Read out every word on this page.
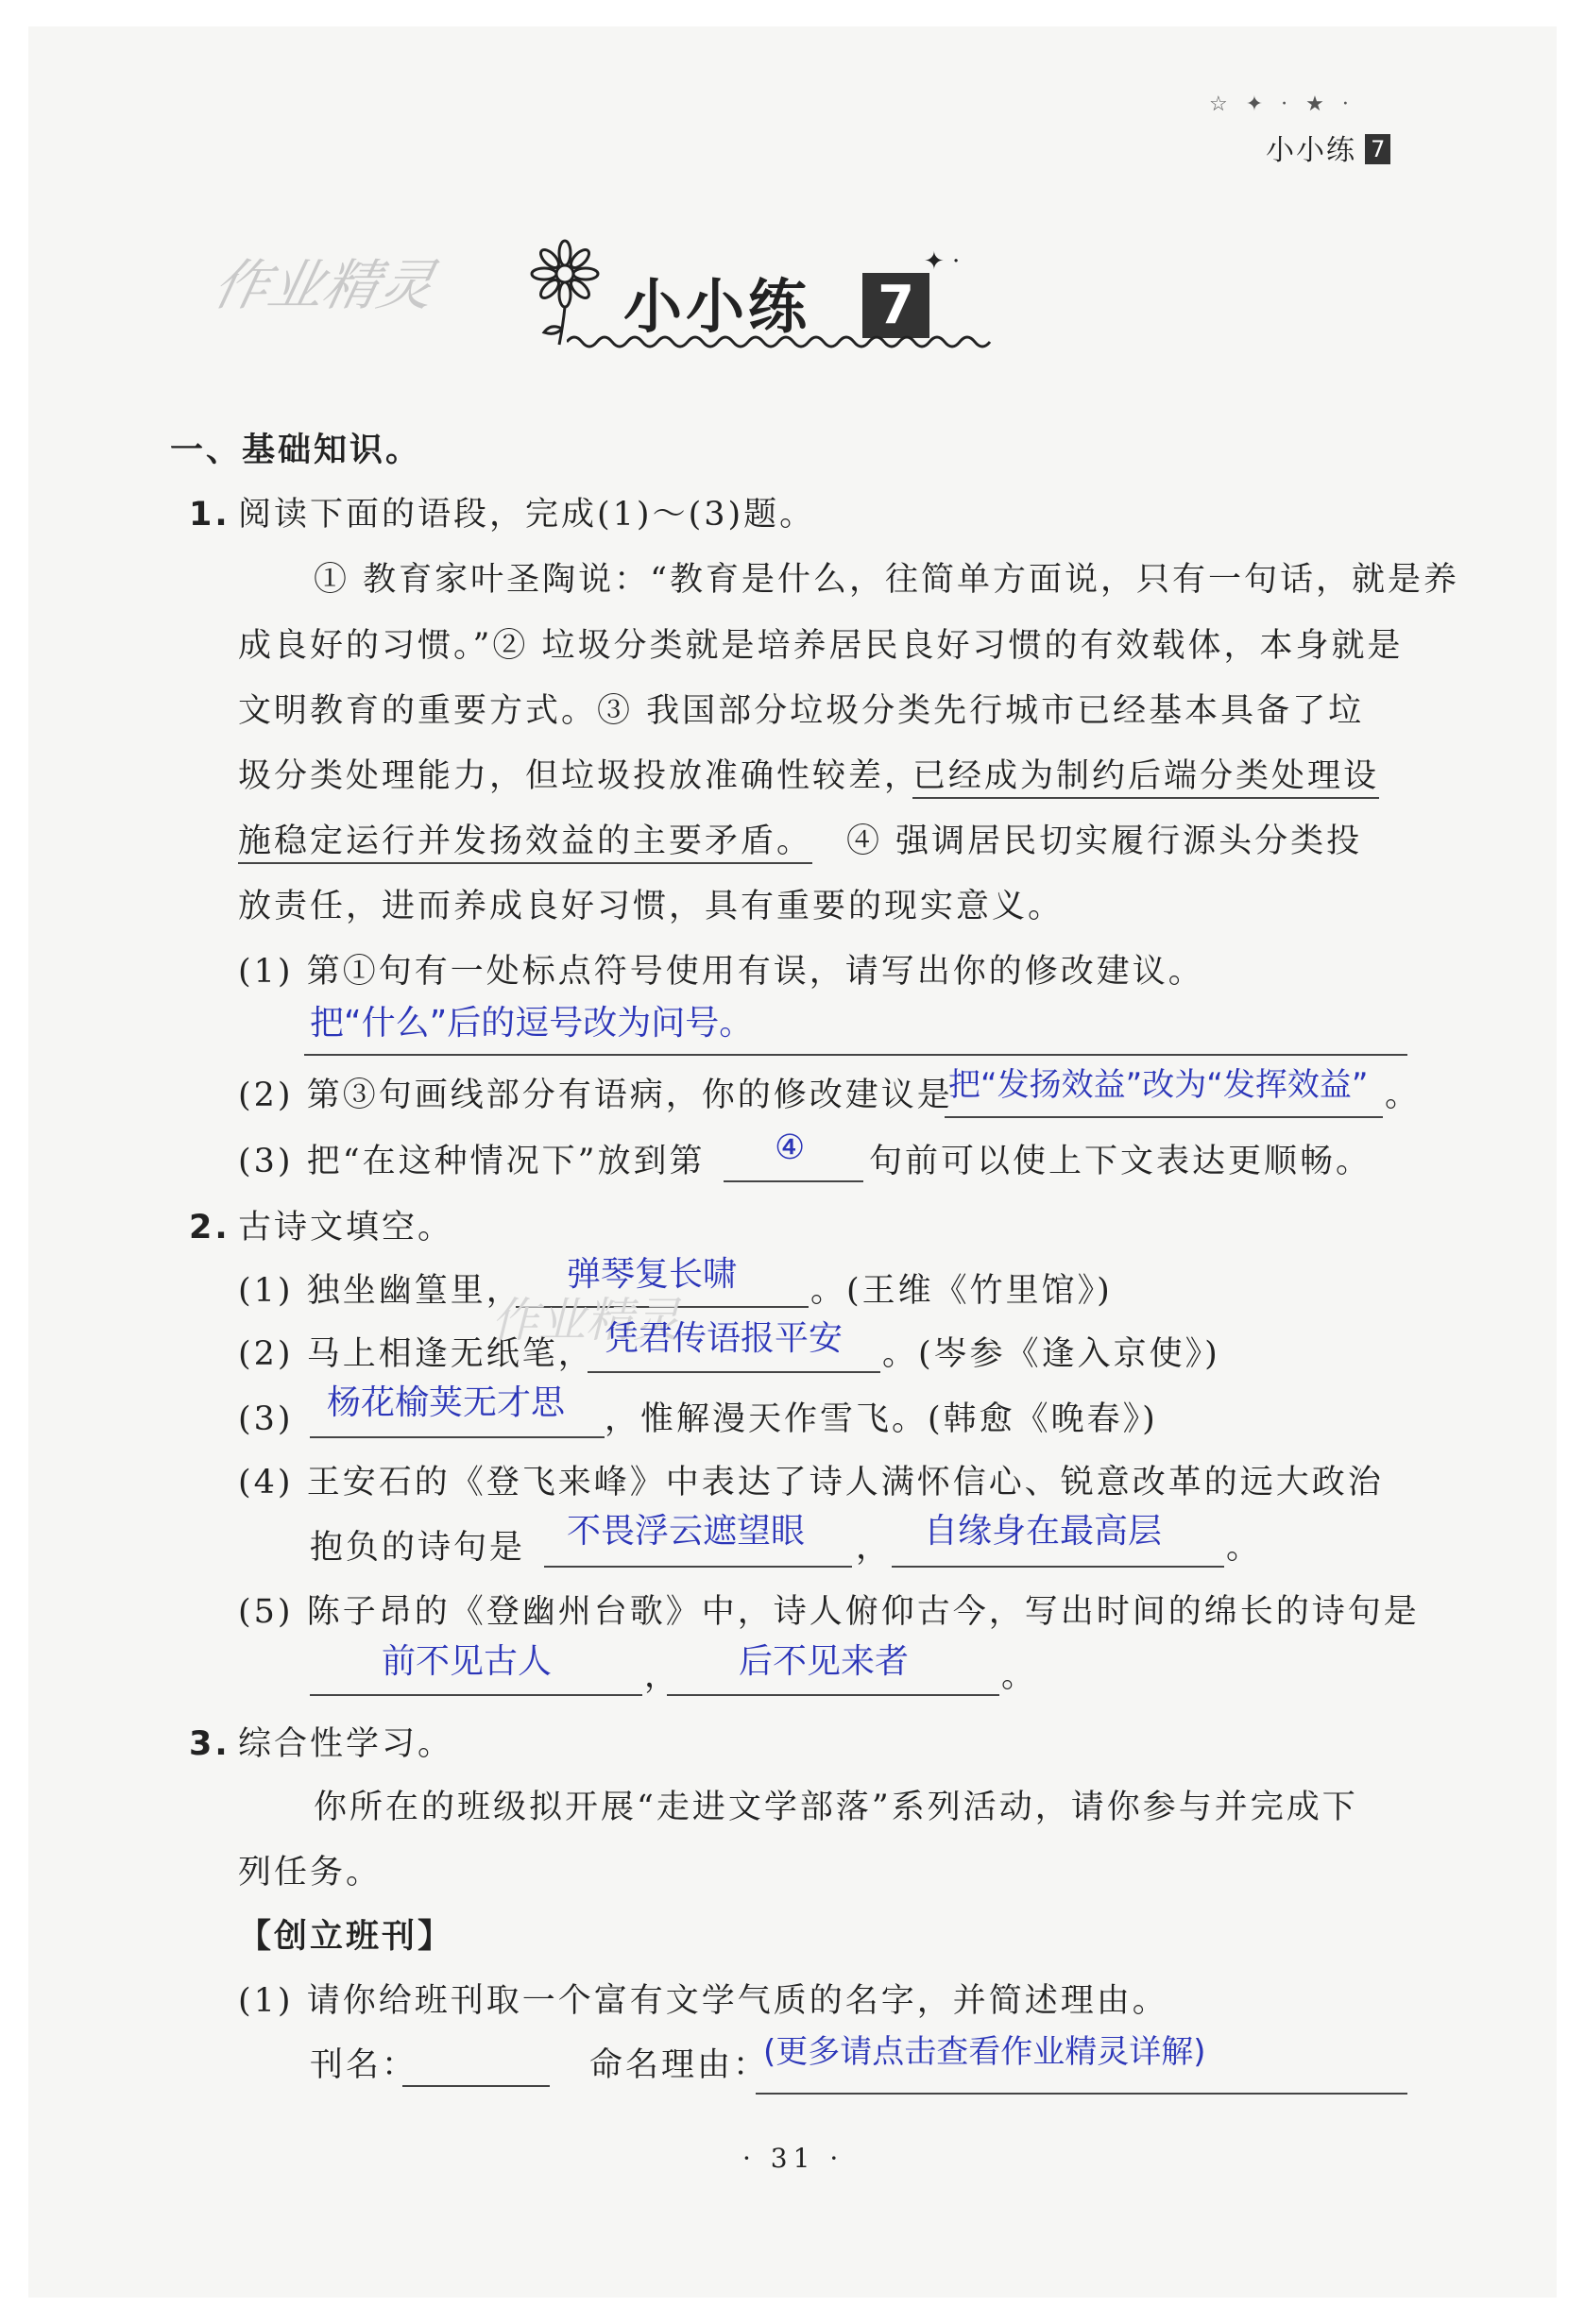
☆ ✦ · ★ ·
小小练 7
作业精灵	小小练 7
✦ ·
一、基础知识。
1. 阅读下面的语段，完成(1)～(3)题。
① 教育家叶圣陶说：“教育是什么，往简单方面说，只有一句话，就是养
成良好的习惯。”② 垃圾分类就是培养居民良好习惯的有效载体，本身就是
文明教育的重要方式。③ 我国部分垃圾分类先行城市已经基本具备了垃
圾分类处理能力，但垃圾投放准确性较差，
已经成为制约后端分类处理设
施稳定运行并发扬效益的主要矛盾。 ④ 强调居民切实履行源头分类投
放责任，进而养成良好习惯，具有重要的现实意义。
(1) 第①句有一处标点符号使用有误，请写出你的修改建议。
把“什么”后的逗号改为问号。
(2) 第③句画线部分有语病，你的修改建议是
把“发扬效益”改为“发挥效益” 。
(3) 把“在这种情况下”放到第 ④ 句前可以使上下文表达更顺畅。
2. 古诗文填空。
(1) 独坐幽篁里， 弹琴复长啸 。(王维《竹里馆》)
作业精灵
(2) 马上相逢无纸笔， 凭君传语报平安 。(岑参《逢入京使》)
(3) 杨花榆荚无才思 ，惟解漫天作雪飞。(韩愈《晚春》)
(4) 王安石的《登飞来峰》中表达了诗人满怀信心、锐意改革的远大政治
抱负的诗句是 不畏浮云遮望眼 ， 自缘身在最高层 。
(5) 陈子昂的《登幽州台歌》中，诗人俯仰古今，写出时间的绵长的诗句是
前不见古人	， 后不见来者	。
3. 综合性学习。
你所在的班级拟开展“走进文学部落”系列活动，请你参与并完成下
列任务。
【创立班刊】
(1) 请你给班刊取一个富有文学气质的名字，并简述理由。
刊名：	命名理由：
(更多请点击查看作业精灵详解)
· 31 ·
